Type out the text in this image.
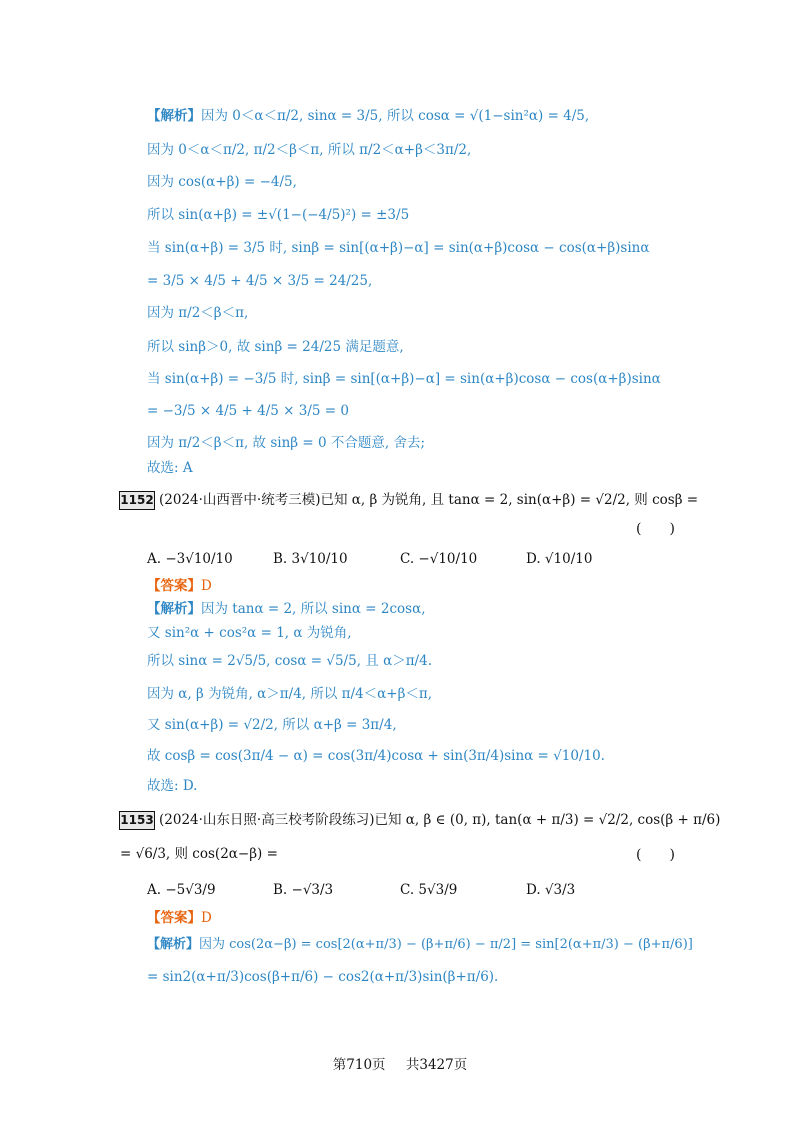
【解析】因为 0＜α＜π/2, sinα = 3/5, 所以 cosα = √(1−sin²α) = 4/5,
因为 0＜α＜π/2, π/2＜β＜π, 所以 π/2＜α+β＜3π/2,
因为 cos(α+β) = −4/5,
所以 sin(α+β) = ±√(1−(−4/5)²) = ±3/5
当 sin(α+β) = 3/5 时, sinβ = sin[(α+β)−α] = sin(α+β)cosα − cos(α+β)sinα
= 3/5 × 4/5 + 4/5 × 3/5 = 24/25,
因为 π/2＜β＜π,
所以 sinβ＞0, 故 sinβ = 24/25 满足题意,
当 sin(α+β) = −3/5 时, sinβ = sin[(α+β)−α] = sin(α+β)cosα − cos(α+β)sinα
= −3/5 × 4/5 + 4/5 × 3/5 = 0
因为 π/2＜β＜π, 故 sinβ = 0 不合题意, 舍去;
故选: A
1152 (2024·山西晋中·统考三模)已知 α, β 为锐角, 且 tanα = 2, sin(α+β) = √2/2, 则 cosβ =
(　　)
A. −3√10/10	B. 3√10/10	C. −√10/10	D. √10/10
【答案】D
【解析】因为 tanα = 2, 所以 sinα = 2cosα,
又 sin²α + cos²α = 1, α 为锐角,
所以 sinα = 2√5/5, cosα = √5/5, 且 α＞π/4.
因为 α, β 为锐角, α＞π/4, 所以 π/4＜α+β＜π,
又 sin(α+β) = √2/2, 所以 α+β = 3π/4,
故 cosβ = cos(3π/4 − α) = cos(3π/4)cosα + sin(3π/4)sinα = √10/10.
故选: D.
1153 (2024·山东日照·高三校考阶段练习)已知 α, β ∈ (0, π), tan(α + π/3) = √2/2, cos(β + π/6)
= √6/3, 则 cos(2α−β) =	(　　)
A. −5√3/9	B. −√3/3	C. 5√3/9	D. √3/3
【答案】D
【解析】因为 cos(2α−β) = cos[2(α+π/3) − (β+π/6) − π/2] = sin[2(α+π/3) − (β+π/6)]
= sin2(α+π/3)cos(β+π/6) − cos2(α+π/3)sin(β+π/6).
第710页 共3427页
